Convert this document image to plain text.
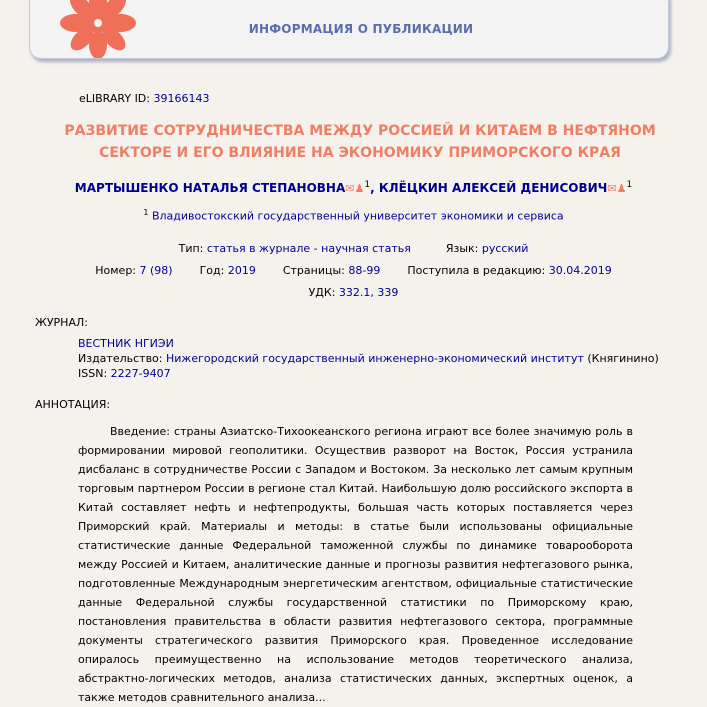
ИНФОРМАЦИЯ О ПУБЛИКАЦИИ
eLIBRARY ID: 39166143
РАЗВИТИЕ СОТРУДНИЧЕСТВА МЕЖДУ РОССИЕЙ И КИТАЕМ В НЕФТЯНОМ СЕКТОРЕ И ЕГО ВЛИЯНИЕ НА ЭКОНОМИКУ ПРИМОРСКОГО КРАЯ
МАРТЫШЕНКО НАТАЛЬЯ СТЕПАНОВНА✉♟$^1$, КЛЁЦКИН АЛЕКСЕЙ ДЕНИСОВИЧ✉♟$^1$
$^1$ Владивостокский государственный университет экономики и сервиса
Тип: статья в журнале - научная статья	Язык: русский
Номер: 7 (98) Год: 2019 Страницы: 88-99 Поступила в редакцию: 30.04.2019
УДК: 332.1, 339
ЖУРНАЛ:
ВЕСТНИК НГИЭИ
Издательство: Нижегородский государственный инженерно-экономический институт (Княгинино)
ISSN: 2227-9407
АННОТАЦИЯ:
Введение: страны Азиатско-Тихоокеанского региона играют все более значимую роль в формировании мировой геополитики. Осуществив разворот на Восток, Россия устранила дисбаланс в сотрудничестве России с Западом и Востоком. За несколько лет самым крупным торговым партнером России в регионе стал Китай. Наибольшую долю российского экспорта в Китай составляет нефть и нефтепродукты, большая часть которых поставляется через Приморский край. Материалы и методы: в статье были использованы официальные статистические данные Федеральной таможенной службы по динамике товарооборота между Россией и Китаем, аналитические данные и прогнозы развития нефтегазового рынка, подготовленные Международным энергетическим агентством, официальные статистические данные Федеральной службы государственной статистики по Приморскому краю, постановления правительства в области развития нефтегазового сектора, программные документы стратегического развития Приморского края. Проведенное исследование опиралось преимущественно на использование методов теоретического анализа, абстрактно-логических методов, анализа статистических данных, экспертных оценок, а также методов сравнительного анализа...
